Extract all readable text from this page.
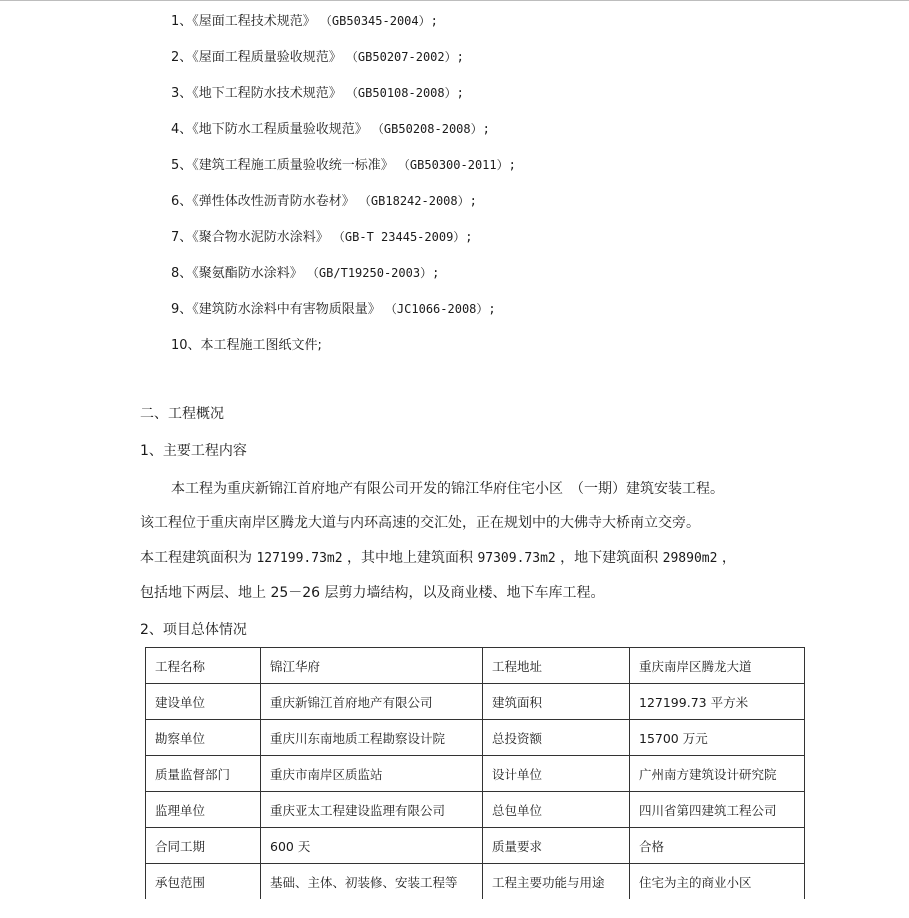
1、《屋面工程技术规范》 （GB50345-2004）;
2、《屋面工程质量验收规范》 （GB50207-2002）;
3、《地下工程防水技术规范》 （GB50108-2008）;
4、《地下防水工程质量验收规范》 （GB50208-2008）;
5、《建筑工程施工质量验收统一标准》 （GB50300-2011）;
6、《弹性体改性沥青防水卷材》 （GB18242-2008）;
7、《聚合物水泥防水涂料》 （GB-T 23445-2009）;
8、《聚氨酯防水涂料》 （GB/T19250-2003）;
9、《建筑防水涂料中有害物质限量》 （JC1066-2008）;
10、本工程施工图纸文件;
二、工程概况
1、主要工程内容
本工程为重庆新锦江首府地产有限公司开发的锦江华府住宅小区　（一期）建筑安装工程。
该工程位于重庆南岸区腾龙大道与内环高速的交汇处，正在规划中的大佛寺大桥南立交旁。
本工程建筑面积为 127199.73m2 ，其中地上建筑面积 97309.73m2 ，地下建筑面积 29890m2 ，
包括地下两层、地上 25－26 层剪力墙结构，以及商业楼、地下车库工程。
2、项目总体情况
工程名称	锦江华府	工程地址	重庆南岸区腾龙大道
建设单位	重庆新锦江首府地产有限公司	建筑面积	127199.73 平方米
勘察单位	重庆川东南地质工程勘察设计院	总投资额	15700 万元
质量监督部门	重庆市南岸区质监站	设计单位	广州南方建筑设计研究院
监理单位	重庆亚太工程建设监理有限公司	总包单位	四川省第四建筑工程公司
合同工期	600 天	质量要求	合格
承包范围	基础、主体、初装修、安装工程等	工程主要功能与用途	住宅为主的商业小区
